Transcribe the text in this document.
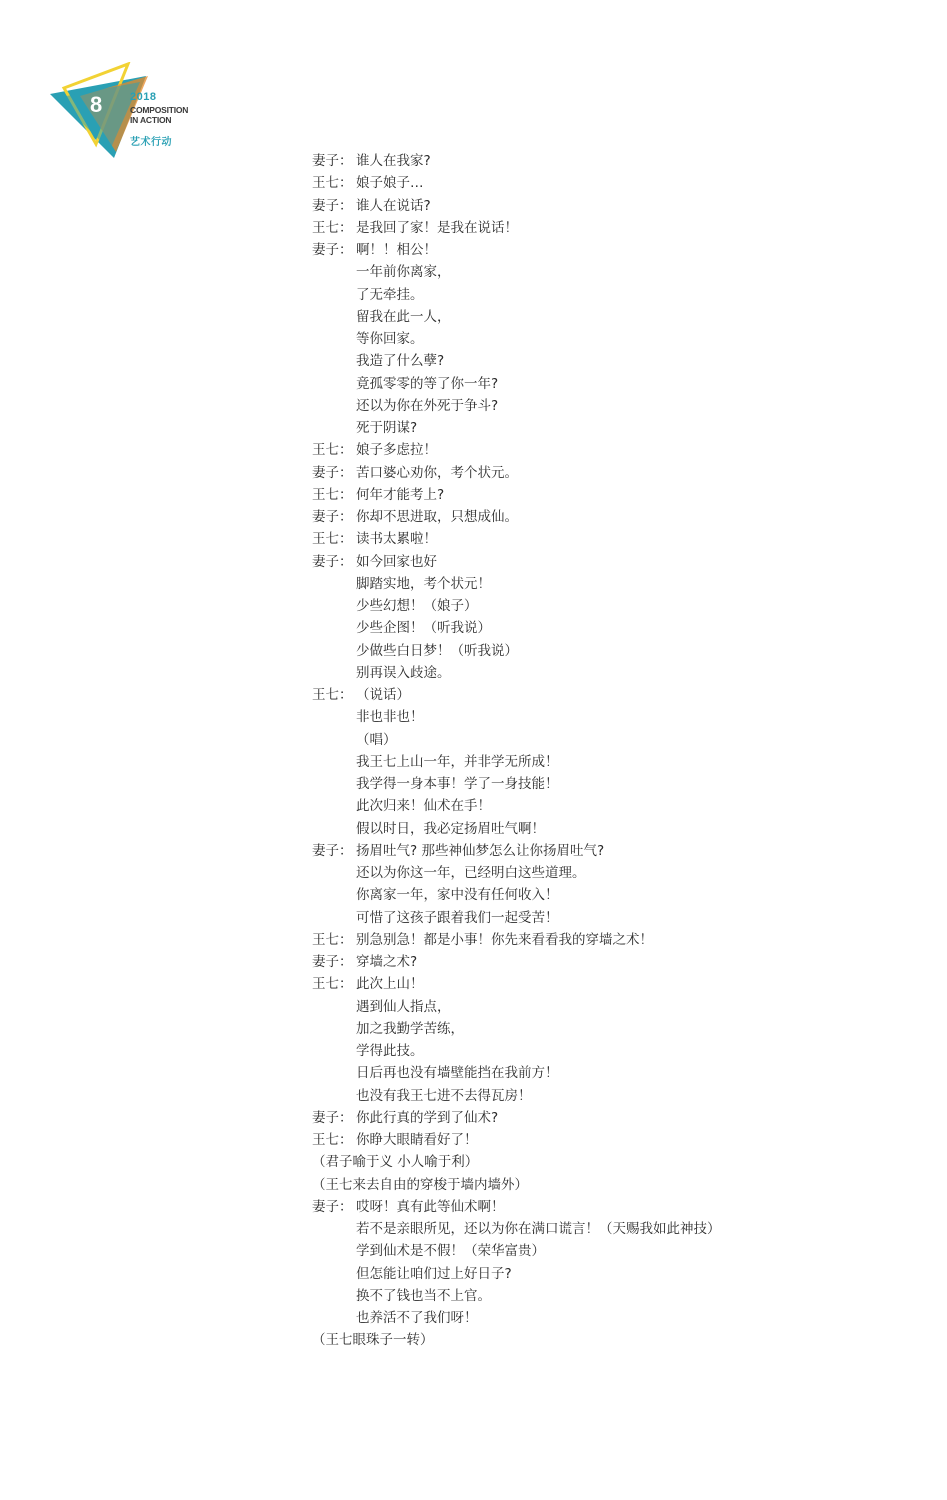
8	2018
COMPOSITION
IN ACTION
艺术行动
妻子： 谁人在我家?
王七： 娘子娘子…
妻子： 谁人在说话?
王七： 是我回了家！是我在说话！
妻子： 啊！！相公！
一年前你离家，
了无牵挂。
留我在此一人，
等你回家。
我造了什么孽?
竟孤零零的等了你一年?
还以为你在外死于争斗?
死于阴谋?
王七： 娘子多虑拉！
妻子： 苦口婆心劝你，考个状元。
王七： 何年才能考上?
妻子： 你却不思进取，只想成仙。
王七： 读书太累啦！
妻子： 如今回家也好
脚踏实地，考个状元！
少些幻想！（娘子）
少些企图！（听我说）
少做些白日梦！（听我说）
别再误入歧途。
王七： （说话）
非也非也！
（唱）
我王七上山一年，并非学无所成！
我学得一身本事！学了一身技能！
此次归来！仙术在手！
假以时日，我必定扬眉吐气啊！
妻子： 扬眉吐气? 那些神仙梦怎么让你扬眉吐气?
还以为你这一年，已经明白这些道理。
你离家一年，家中没有任何收入！
可惜了这孩子跟着我们一起受苦！
王七： 别急别急！都是小事！你先来看看我的穿墙之术！
妻子： 穿墙之术?
王七： 此次上山！
遇到仙人指点，
加之我勤学苦练，
学得此技。
日后再也没有墙壁能挡在我前方！
也没有我王七进不去得瓦房！
妻子： 你此行真的学到了仙术?
王七： 你睁大眼睛看好了！
（君子喻于义 小人喻于利）
（王七来去自由的穿梭于墙内墙外）
妻子： 哎呀！真有此等仙术啊！
若不是亲眼所见，还以为你在满口谎言！（天赐我如此神技）
学到仙术是不假！（荣华富贵）
但怎能让咱们过上好日子?
换不了钱也当不上官。
也养活不了我们呀！
（王七眼珠子一转）
